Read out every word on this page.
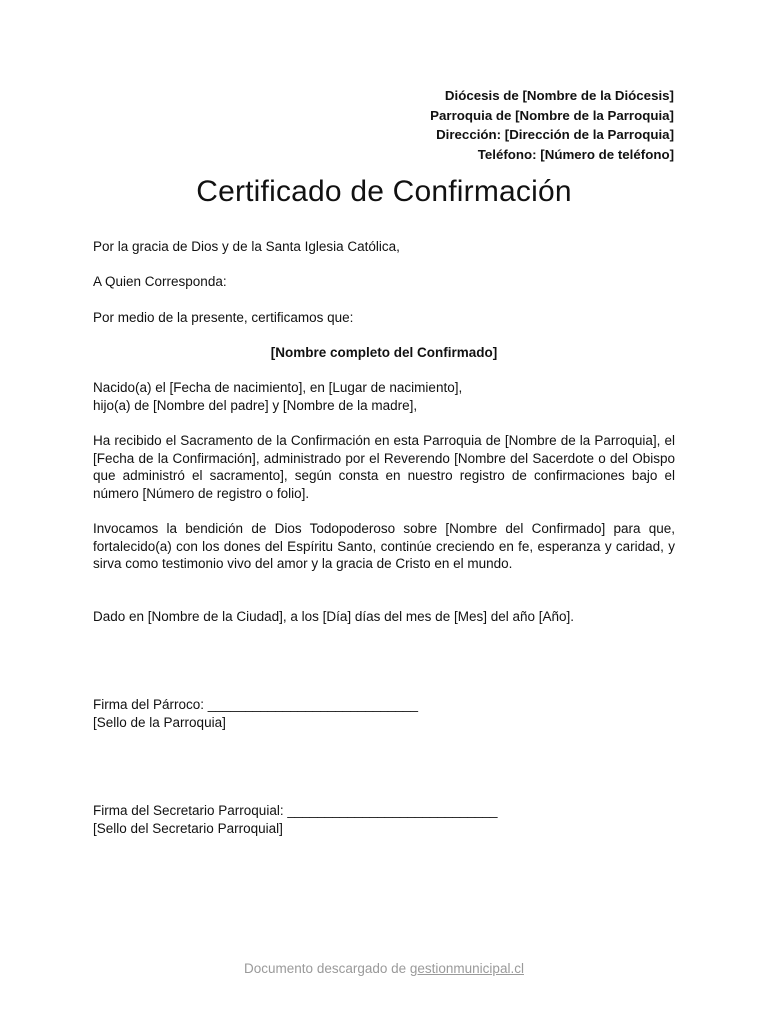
Diócesis de [Nombre de la Diócesis]
Parroquia de [Nombre de la Parroquia]
Dirección: [Dirección de la Parroquia]
Teléfono: [Número de teléfono]
Certificado de Confirmación
Por la gracia de Dios y de la Santa Iglesia Católica,
A Quien Corresponda:
Por medio de la presente, certificamos que:
[Nombre completo del Confirmado]
Nacido(a) el [Fecha de nacimiento], en [Lugar de nacimiento],
hijo(a) de [Nombre del padre] y [Nombre de la madre],
Ha recibido el Sacramento de la Confirmación en esta Parroquia de [Nombre de la Parroquia], el [Fecha de la Confirmación], administrado por el Reverendo [Nombre del Sacerdote o del Obispo que administró el sacramento], según consta en nuestro registro de confirmaciones bajo el número [Número de registro o folio].
Invocamos la bendición de Dios Todopoderoso sobre [Nombre del Confirmado] para que, fortalecido(a) con los dones del Espíritu Santo, continúe creciendo en fe, esperanza y caridad, y sirva como testimonio vivo del amor y la gracia de Cristo en el mundo.
Dado en [Nombre de la Ciudad], a los [Día] días del mes de [Mes] del año [Año].
Firma del Párroco: ____________________________
[Sello de la Parroquia]
Firma del Secretario Parroquial: ____________________________
[Sello del Secretario Parroquial]
Documento descargado de gestionmunicipal.cl
